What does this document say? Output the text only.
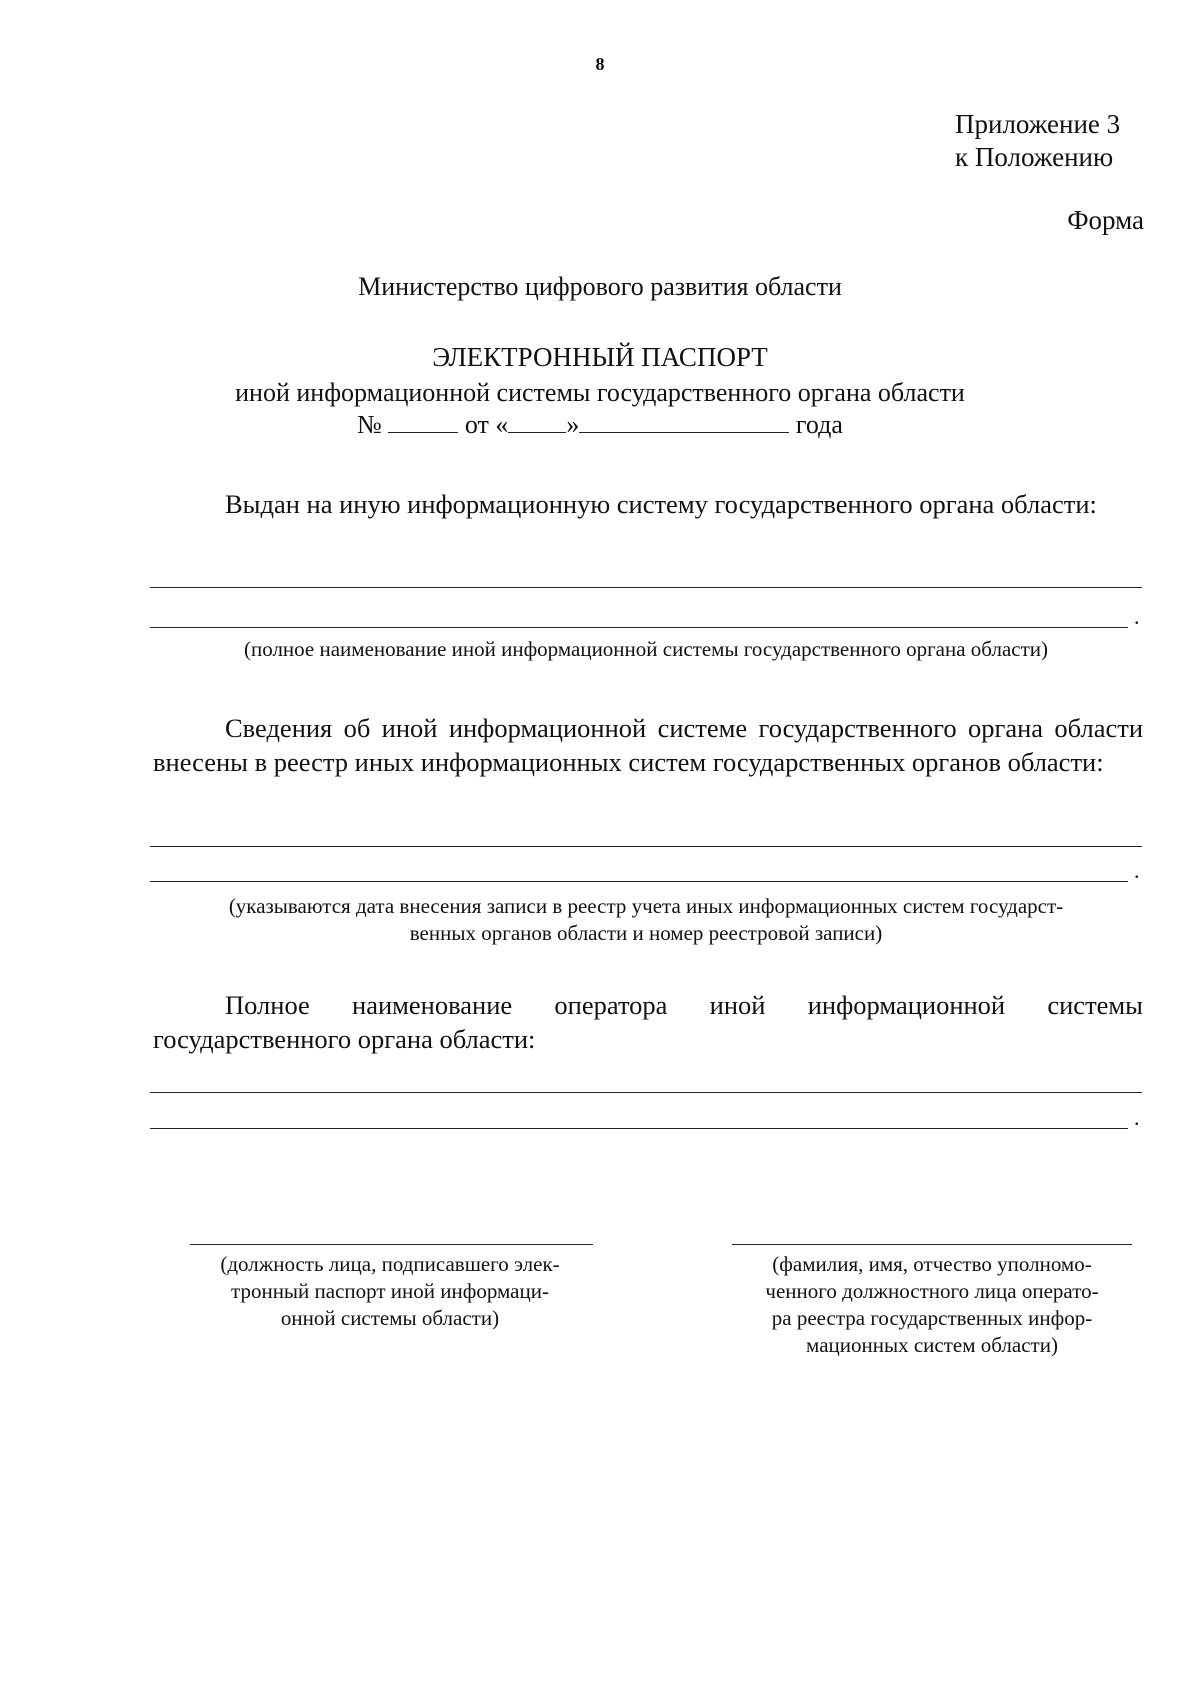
8
Приложение 3
к Положению
Форма
Министерство цифрового развития области
ЭЛЕКТРОННЫЙ ПАСПОРТ
иной информационной системы государственного органа области
№	от « »	года
Выдан на иную информационную систему государственного органа области:
.
(полное наименование иной информационной системы государственного органа области)
Сведения об иной информационной системе государственного органа области внесены в реестр иных информационных систем государственных органов области:
.
(указываются дата внесения записи в реестр учета иных информационных систем государст-
венных органов области и номер реестровой записи)
Полное наименование оператора иной информационной системы государственного органа области:
.
(должность лица, подписавшего элек-
тронный паспорт иной информаци-
онной системы области)
(фамилия, имя, отчество уполномо-
ченного должностного лица операто-
ра реестра государственных инфор-
мационных систем области)
